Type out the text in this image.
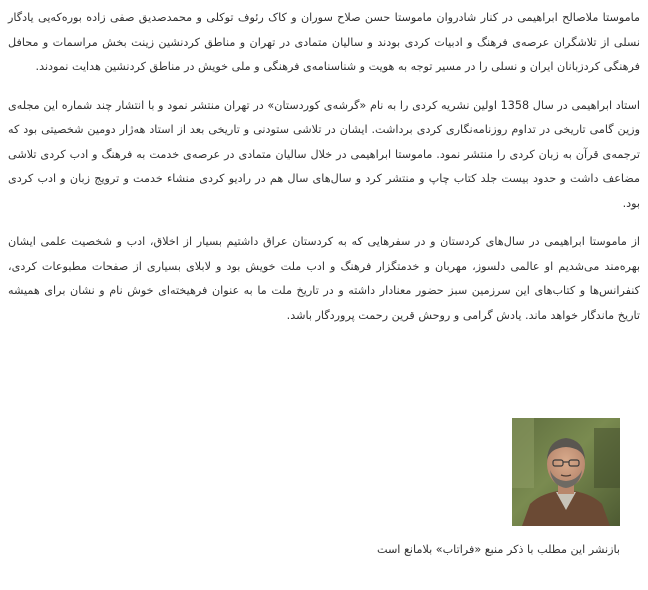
ماموستا ملاصالح ابراهیمی در کنار شادروان ماموستا حسن صلاح سوران و کاک رئوف توکلی و محمدصدیق صفی زاده بوره‌که‌یی یادگار نسلی از تلاشگران عرصه‌ی فرهنگ و ادبیات کردی بودند و سالیان متمادی در تهران و مناطق کردنشین زینت بخش مراسمات و محافل فرهنگی کردزبانان ایران و نسلی را در مسیر توجه به هویت و شناسنامه‌ی فرهنگی و ملی خویش در مناطق کردنشین هدایت نمودند.

استاد ابراهیمی در سال 1358 اولین نشریه کردی را به نام «گرشه‌ی کوردستان» در تهران منتشر نمود و با انتشار چند شماره این مجله‌ی وزین گامی تاریخی در تداوم روزنامه‌نگاری کردی برداشت. ایشان در تلاشی ستودنی و تاریخی بعد از استاد هه‌ژار دومین شخصیتی بود که ترجمه‌ی قرآن به زبان کردی را منتشر نمود. ماموستا ابراهیمی در خلال سالیان متمادی در عرصه‌ی خدمت به فرهنگ و ادب کردی تلاشی مضاعف داشت و حدود بیست جلد کتاب چاپ و منتشر کرد و سال‌های سال هم در رادیو کردی منشاء خدمت و ترویج زبان و ادب کردی بود.

از ماموستا ابراهیمی در سال‌های کردستان و در سفرهایی که به کردستان عراق داشتیم بسیار از اخلاق، ادب و شخصیت علمی ایشان بهره‌مند می‌شدیم او عالمی دلسوز، مهربان و خدمتگزار فرهنگ و ادب ملت خویش بود و لابلای بسیاری از صفحات مطبوعات کردی، کنفرانس‌ها و کتاب‌های این سرزمین سبز حضور معنادار داشته و در تاریخ ملت ما به عنوان فرهیخته‌ای خوش نام و نشان برای همیشه تاریخ ماندگار خواهد ماند. یادش گرامی و روحش قرین رحمت پروردگار باشد.

بازنشر این مطلب با ذکر منبع «فراتاب» بلامانع است
